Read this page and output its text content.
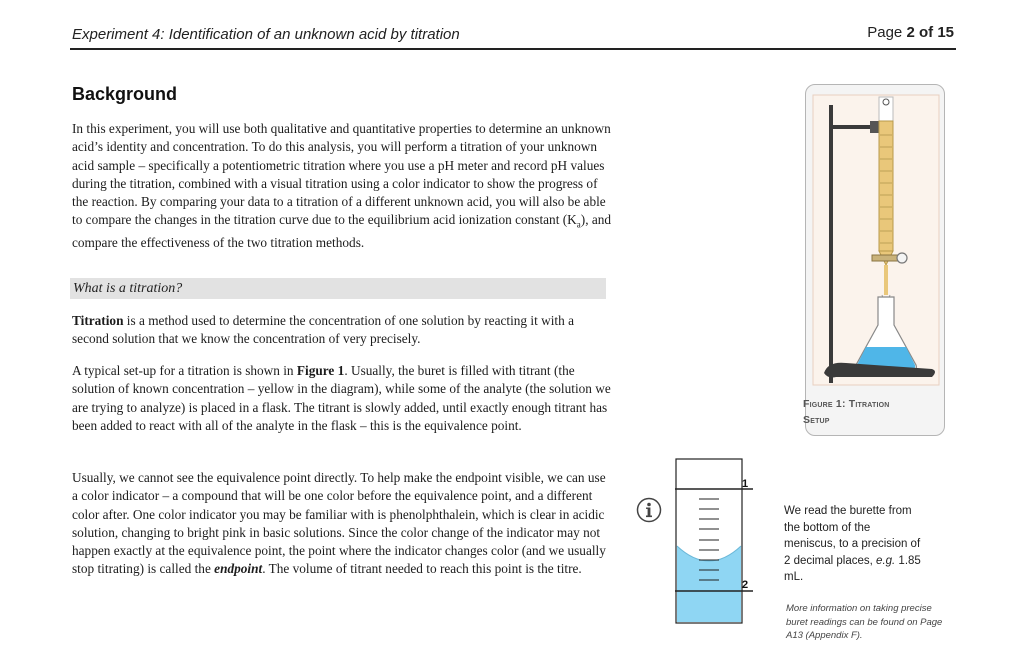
Experiment 4: Identification of an unknown acid by titration	Page 2 of 15
Background

In this experiment, you will use both qualitative and quantitative properties to determine an unknown acid’s identity and concentration. To do this analysis, you will perform a titration of your unknown acid sample – specifically a potentiometric titration where you use a pH meter and record pH values during the titration, combined with a visual titration using a color indicator to show the progress of the reaction. By comparing your data to a titration of a different unknown acid, you will also be able to compare the changes in the titration curve due to the equilibrium acid ionization constant $(K_a)$, and compare the effectiveness of the two titration methods.

What is a titration?

Titration is a method used to determine the concentration of one solution by reacting it with a second solution that we know the concentration of very precisely.

A typical set-up for a titration is shown in Figure 1. Usually, the buret is filled with titrant (the solution of known concentration – yellow in the diagram), while some of the analyte (the solution we are trying to analyze) is placed in a flask. The titrant is slowly added, until exactly enough titrant has been added to react with all of the analyte in the flask – this is the equivalence point.

Usually, we cannot see the equivalence point directly. To help make the endpoint visible, we can use a color indicator – a compound that will be one color before the equivalence point, and a different color after. One color indicator you may be familiar with is phenolphthalein, which is clear in acidic solution, changing to bright pink in basic solutions. Since the color change of the indicator may not happen exactly at the equivalence point, the point where the indicator changes color (and we usually stop titrating) is called the endpoint. The volume of titrant needed to reach this point is the titre.

Figure 1: Titration
Setup
1
2
We read the burette from the bottom of the meniscus, to a precision of 2 decimal places, e.g. 1.85 mL.
More information on taking precise buret readings can be found on Page A13 (Appendix F).
